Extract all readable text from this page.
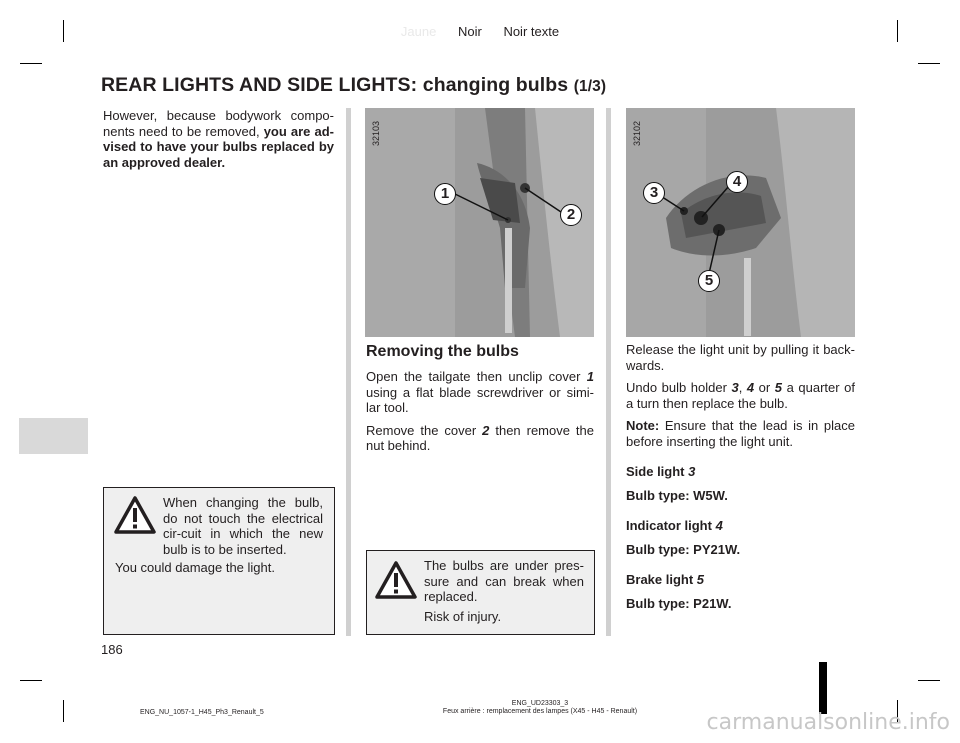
Jaune Noir Noir texte
REAR LIGHTS AND SIDE LIGHTS: changing bulbs (1/3)

However, because bodywork compo-nents need to be removed, you are ad-vised to have your bulbs replaced by an approved dealer.

When changing the bulb, do not touch the electrical cir-cuit in which the new bulb is to be inserted.

You could damage the light.

32103
1
2

Removing the bulbs

Open the tailgate then unclip cover 1 using a flat blade screwdriver or simi-lar tool.

Remove the cover 2 then remove the nut behind.

The bulbs are under pres-sure and can break when replaced.

Risk of injury.

32102
3
4
5

Release the light unit by pulling it back-wards.

Undo bulb holder 3, 4 or 5 a quarter of a turn then replace the bulb.

Note: Ensure that the lead is in place before inserting the light unit.

Side light 3

Bulb type: W5W.

Indicator light 4

Bulb type: PY21W.

Brake light 5

Bulb type: P21W.

186
ENG_NU_1057-1_H45_Ph3_Renault_5
ENG_UD23303_3
Feux arrière : remplacement des lampes (X45 - H45 - Renault)	carmanualsonline.info
